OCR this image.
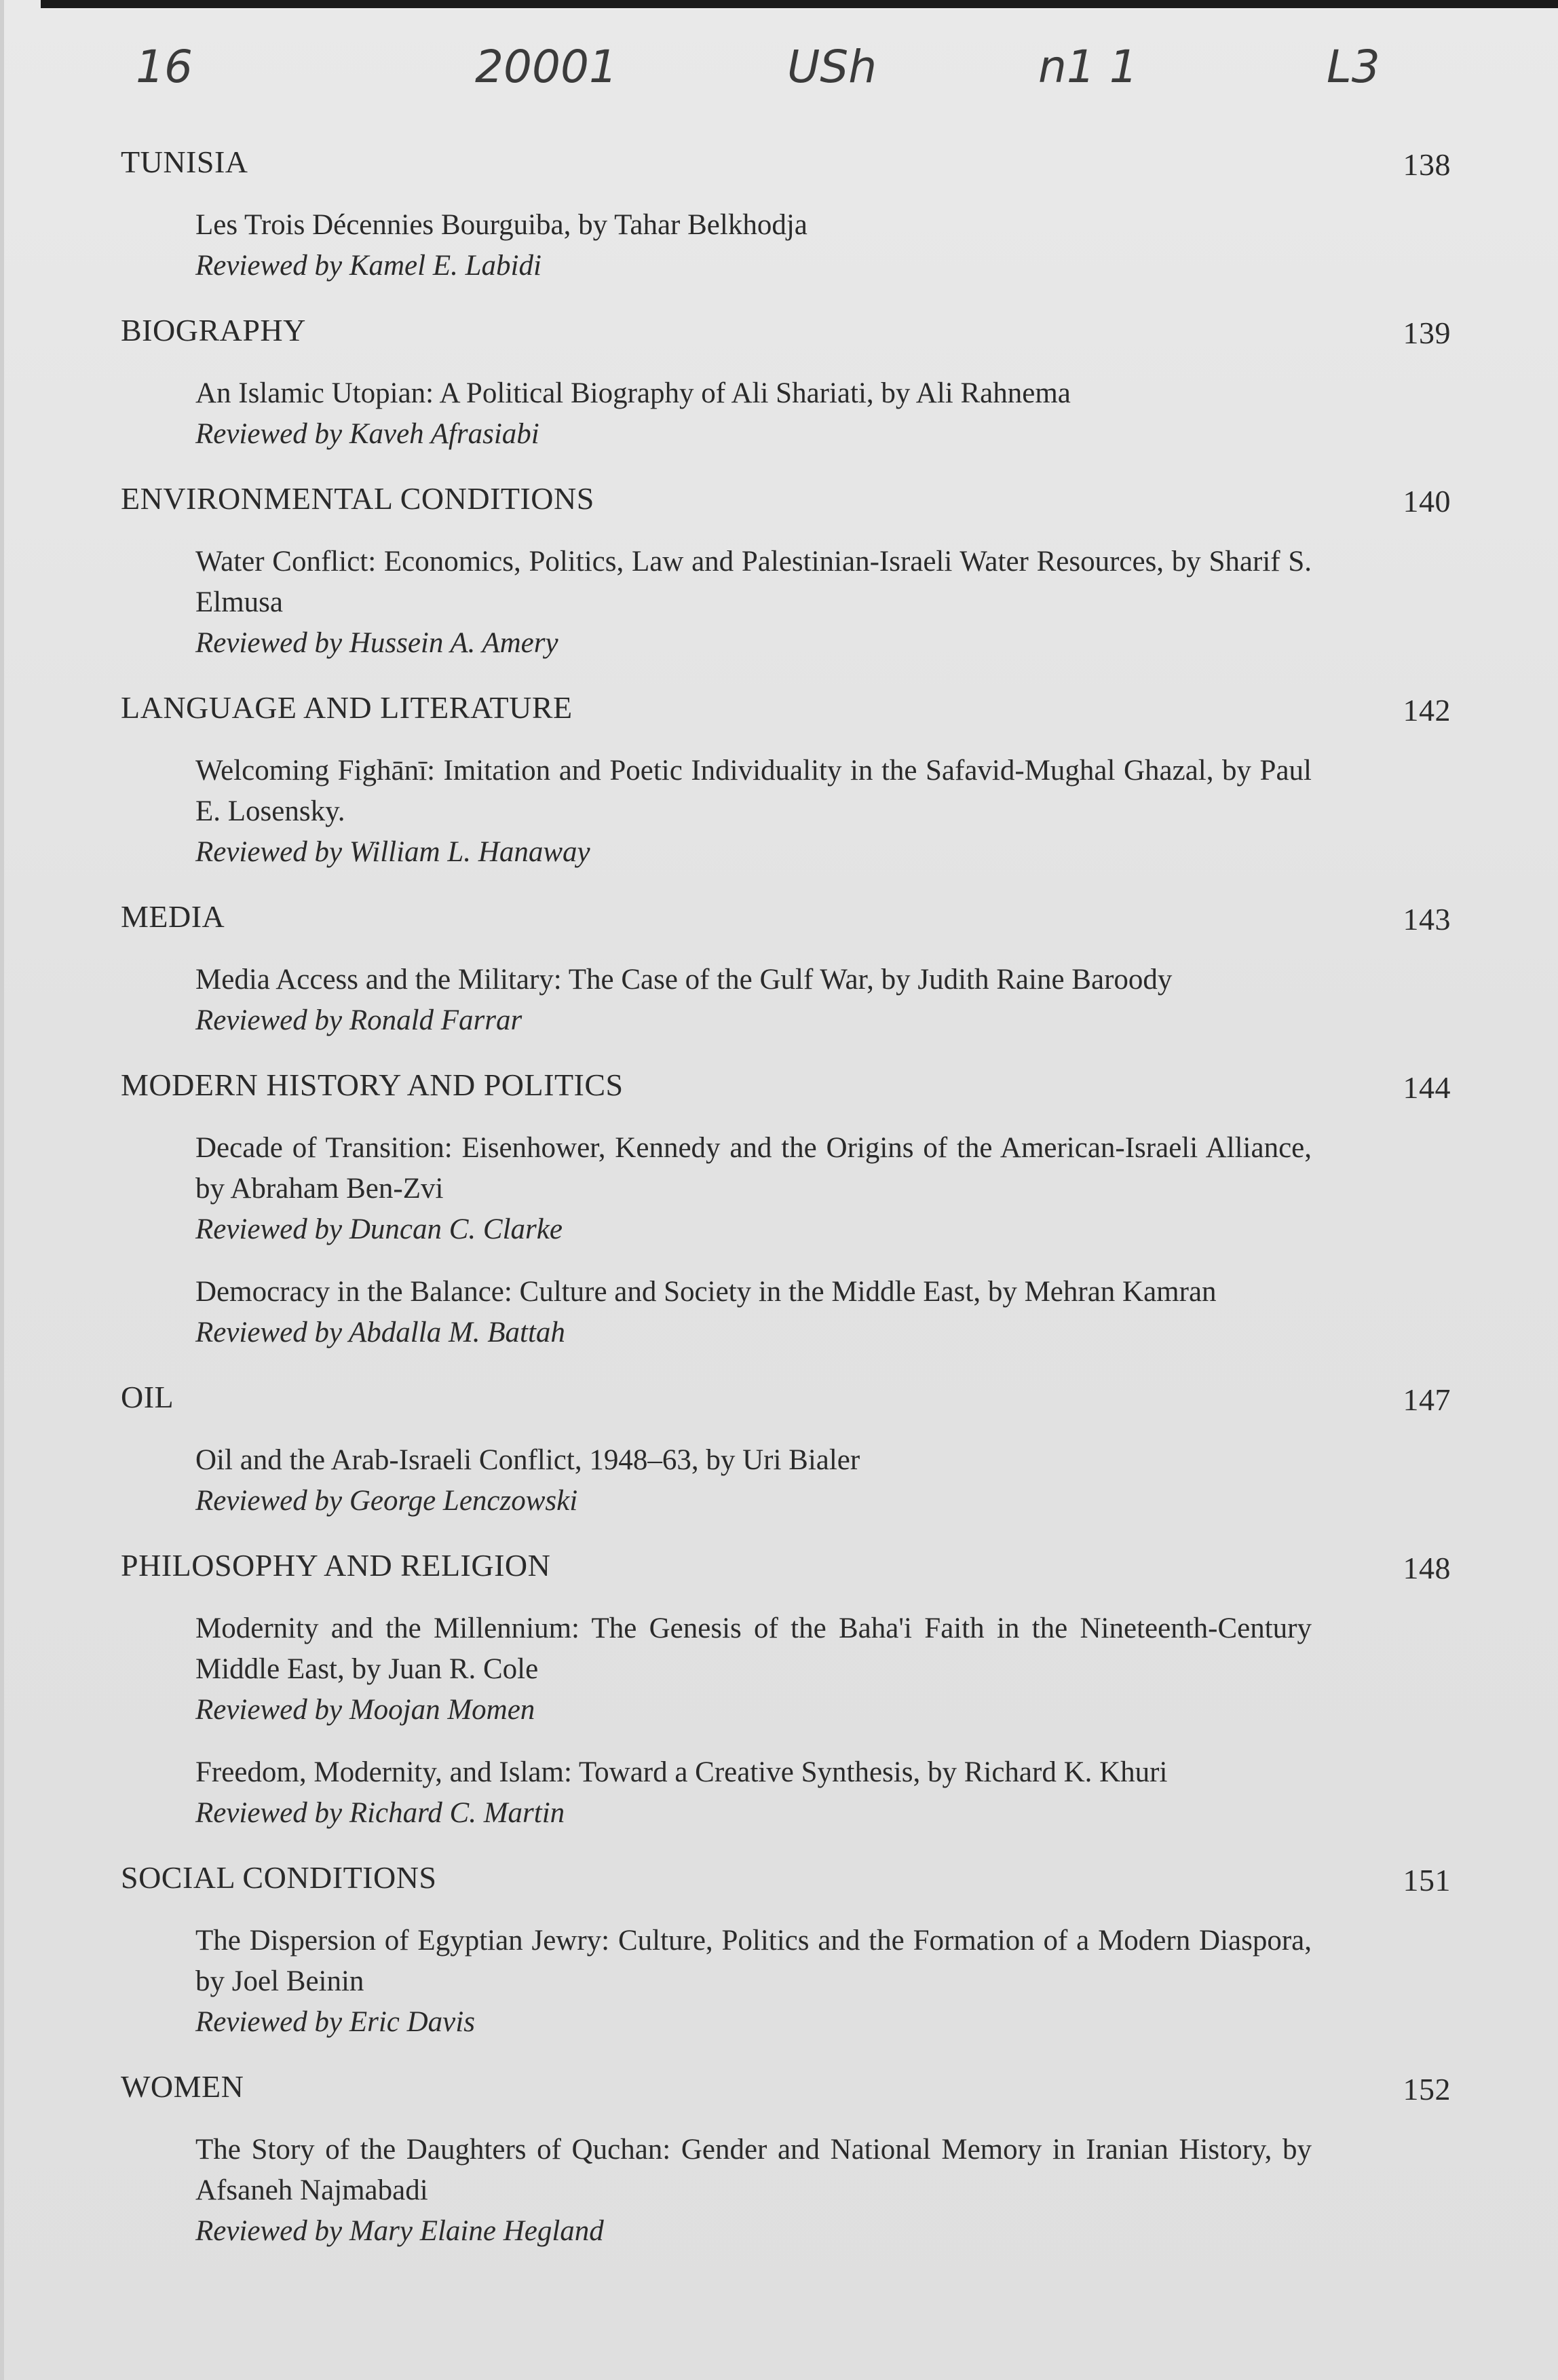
16	20001	USh	n1 1	L3
TUNISIA	138
Les Trois Décennies Bourguiba, by Tahar Belkhodja
Reviewed by Kamel E. Labidi
BIOGRAPHY	139
An Islamic Utopian: A Political Biography of Ali Shariati, by Ali Rahnema
Reviewed by Kaveh Afrasiabi
ENVIRONMENTAL CONDITIONS	140
Water Conflict: Economics, Politics, Law and Palestinian-Israeli Water Resources, by Sharif S. Elmusa
Reviewed by Hussein A. Amery
LANGUAGE AND LITERATURE	142
Welcoming Fighānī: Imitation and Poetic Individuality in the Safavid-Mughal Ghazal, by Paul E. Losensky.
Reviewed by William L. Hanaway
MEDIA	143
Media Access and the Military: The Case of the Gulf War, by Judith Raine Baroody
Reviewed by Ronald Farrar
MODERN HISTORY AND POLITICS	144
Decade of Transition: Eisenhower, Kennedy and the Origins of the American-Israeli Alliance, by Abraham Ben-Zvi
Reviewed by Duncan C. Clarke
Democracy in the Balance: Culture and Society in the Middle East, by Mehran Kamran
Reviewed by Abdalla M. Battah
OIL	147
Oil and the Arab-Israeli Conflict, 1948–63, by Uri Bialer
Reviewed by George Lenczowski
PHILOSOPHY AND RELIGION	148
Modernity and the Millennium: The Genesis of the Baha'i Faith in the Nineteenth-Century Middle East, by Juan R. Cole
Reviewed by Moojan Momen
Freedom, Modernity, and Islam: Toward a Creative Synthesis, by Richard K. Khuri
Reviewed by Richard C. Martin
SOCIAL CONDITIONS	151
The Dispersion of Egyptian Jewry: Culture, Politics and the Formation of a Modern Diaspora, by Joel Beinin
Reviewed by Eric Davis
WOMEN	152
The Story of the Daughters of Quchan: Gender and National Memory in Iranian History, by Afsaneh Najmabadi
Reviewed by Mary Elaine Hegland
